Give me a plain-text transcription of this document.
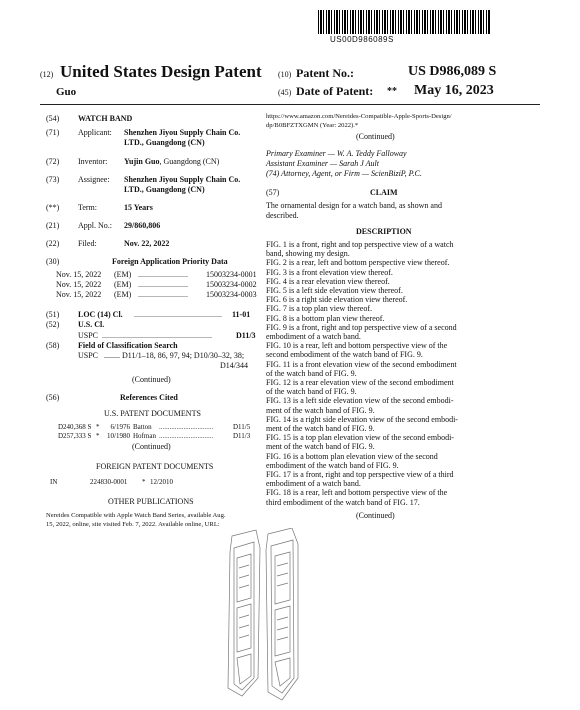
US00D986089S
(12) United States Design Patent
Guo
(10) Patent No.:	US D986,089 S
(45) Date of Patent: ** May 16, 2023
(54) WATCH BAND
(71) Applicant: Shenzhen Jiyou Supply Chain Co.
LTD., Guangdong (CN)
(72) Inventor: Yujin Guo, Guangdong (CN)
(73) Assignee: Shenzhen Jiyou Supply Chain Co.
LTD., Guangdong (CN)
(**) Term:	15 Years
(21) Appl. No.: 29/860,806
(22) Filed:	Nov. 22, 2022
(30)	Foreign Application Priority Data
Nov. 15, 2022	(EM) .........................	15003234-0001
Nov. 15, 2022	(EM) .........................	15003234-0002
Nov. 15, 2022	(EM) .........................	15003234-0003
(51) LOC (14) Cl. ............................................ 11-01
(52) U.S. Cl.
USPC .......................................................	D11/3
(58) Field of Classification Search
USPC ........ D11/1–18, 86, 97, 94; D10/30–32, 38;
D14/344
(Continued)
(56)	References Cited
U.S. PATENT DOCUMENTS
D240,368 S *	6/1976 Batton	...............................	D11/5
D257,333 S *	10/1980 Hofman ...............................	D11/3
(Continued)
FOREIGN PATENT DOCUMENTS
IN	224830-0001	* 12/2010
OTHER PUBLICATIONS
Nereides Compatible with Apple Watch Band Series, available Aug.
15, 2022, online, site visited Feb. 7, 2022. Available online, URL:
https://www.amazon.com/Nereides-Compatible-Apple-Sports-Design/
dp/B0BFZTXGMN (Year: 2022).*
(Continued)
Primary Examiner — W. A. Teddy Falloway
Assistant Examiner — Sarah J Ault
(74) Attorney, Agent, or Firm — ScienBiziP, P.C.
(57)	CLAIM
The ornamental design for a watch band, as shown and
described.
DESCRIPTION
FIG. 1 is a front, right and top perspective view of a watch
band, showing my design.
FIG. 2 is a rear, left and bottom perspective view thereof.
FIG. 3 is a front elevation view thereof.
FIG. 4 is a rear elevation view thereof.
FIG. 5 is a left side elevation view thereof.
FIG. 6 is a right side elevation view thereof.
FIG. 7 is a top plan view thereof.
FIG. 8 is a bottom plan view thereof.
FIG. 9 is a front, right and top perspective view of a second
embodiment of a watch band.
FIG. 10 is a rear, left and bottom perspective view of the
second embodiment of the watch band of FIG. 9.
FIG. 11 is a front elevation view of the second embodiment
of the watch band of FIG. 9.
FIG. 12 is a rear elevation view of the second embodiment
of the watch band of FIG. 9.
FIG. 13 is a left side elevation view of the second embodi-
ment of the watch band of FIG. 9.
FIG. 14 is a right side elevation view of the second embodi-
ment of the watch band of FIG. 9.
FIG. 15 is a top plan elevation view of the second embodi-
ment of the watch band of FIG. 9.
FIG. 16 is a bottom plan elevation view of the second
embodiment of the watch band of FIG. 9.
FIG. 17 is a front, right and top perspective view of a third
embodiment of a watch band.
FIG. 18 is a rear, left and bottom perspective view of the
third embodiment of the watch band of FIG. 17.
(Continued)
